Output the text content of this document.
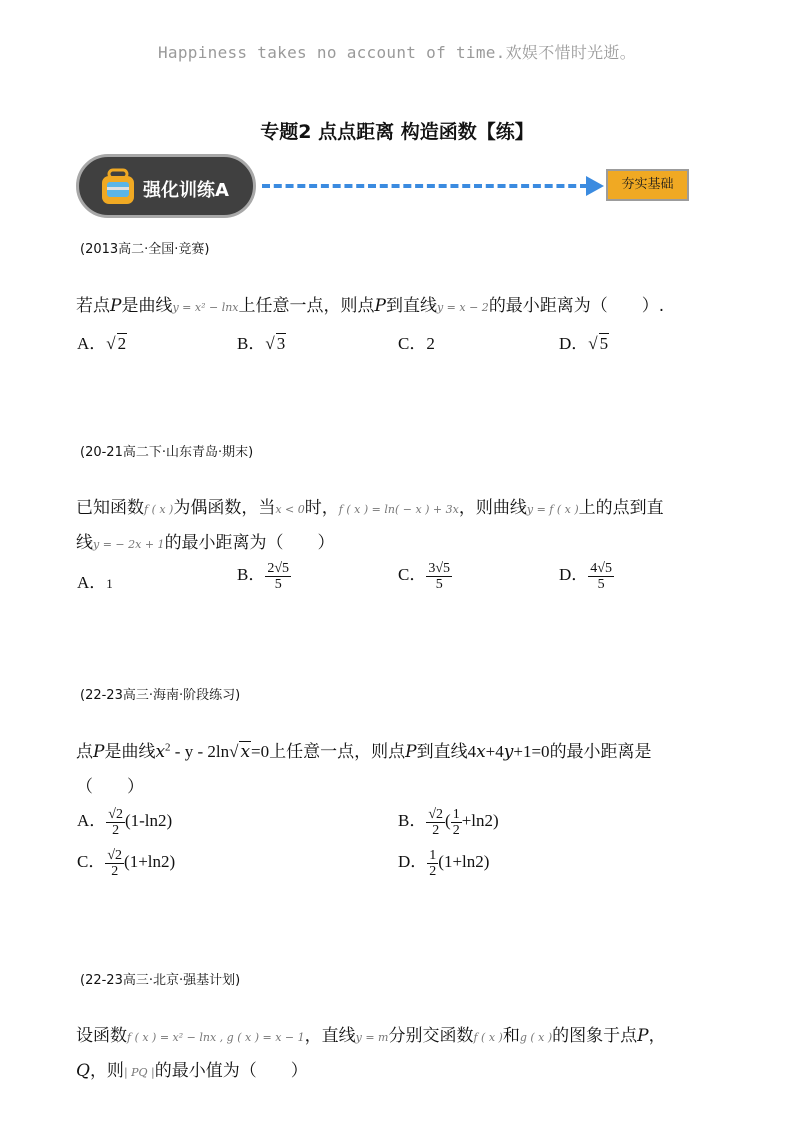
Happiness takes no account of time.欢娱不惜时光逝。
专题2 点点距离 构造函数【练】
强化训练A	夯实基础
(2013高二·全国·竞赛)
若点P是曲线y = x² − lnx上任意一点，则点P到直线y = x − 2的最小距离为（　　）.
A．√ 2	B．√ 3	C．2	D．√ 5
(20-21高二下·山东青岛·期末)
已知函数f ( x )为偶函数，当x < 0时，f ( x ) = ln( − x ) + 3x，则曲线y = f ( x )上的点到直
线y = − 2x + 1的最小距离为（　　）
A．1	B． $\frac{2√5}{5}$	C． $\frac{3√5}{5}$	D． $\frac{4√5}{5}$
(22-23高三·海南·阶段练习)
点P是曲线$x^2$ - y - 2ln√ x=0上任意一点，则点P到直线4x+4y+1=0的最小距离是
（　　）
A． $\frac{√2}{2} (1-\ln 2)$	B． $\frac{√2}{2}$ ( $\frac{1}{2} +\ln 2$)
C． $\frac{√2}{2} (1+\ln 2)$	D． $\frac{1}{2} (1+\ln 2)$
(22-23高三·北京·强基计划)
设函数f ( x ) = x² − lnx , g ( x ) = x − 1，直线y = m分别交函数f ( x )和g ( x )的图象于点P，
Q，则| PQ |的最小值为（　　）
